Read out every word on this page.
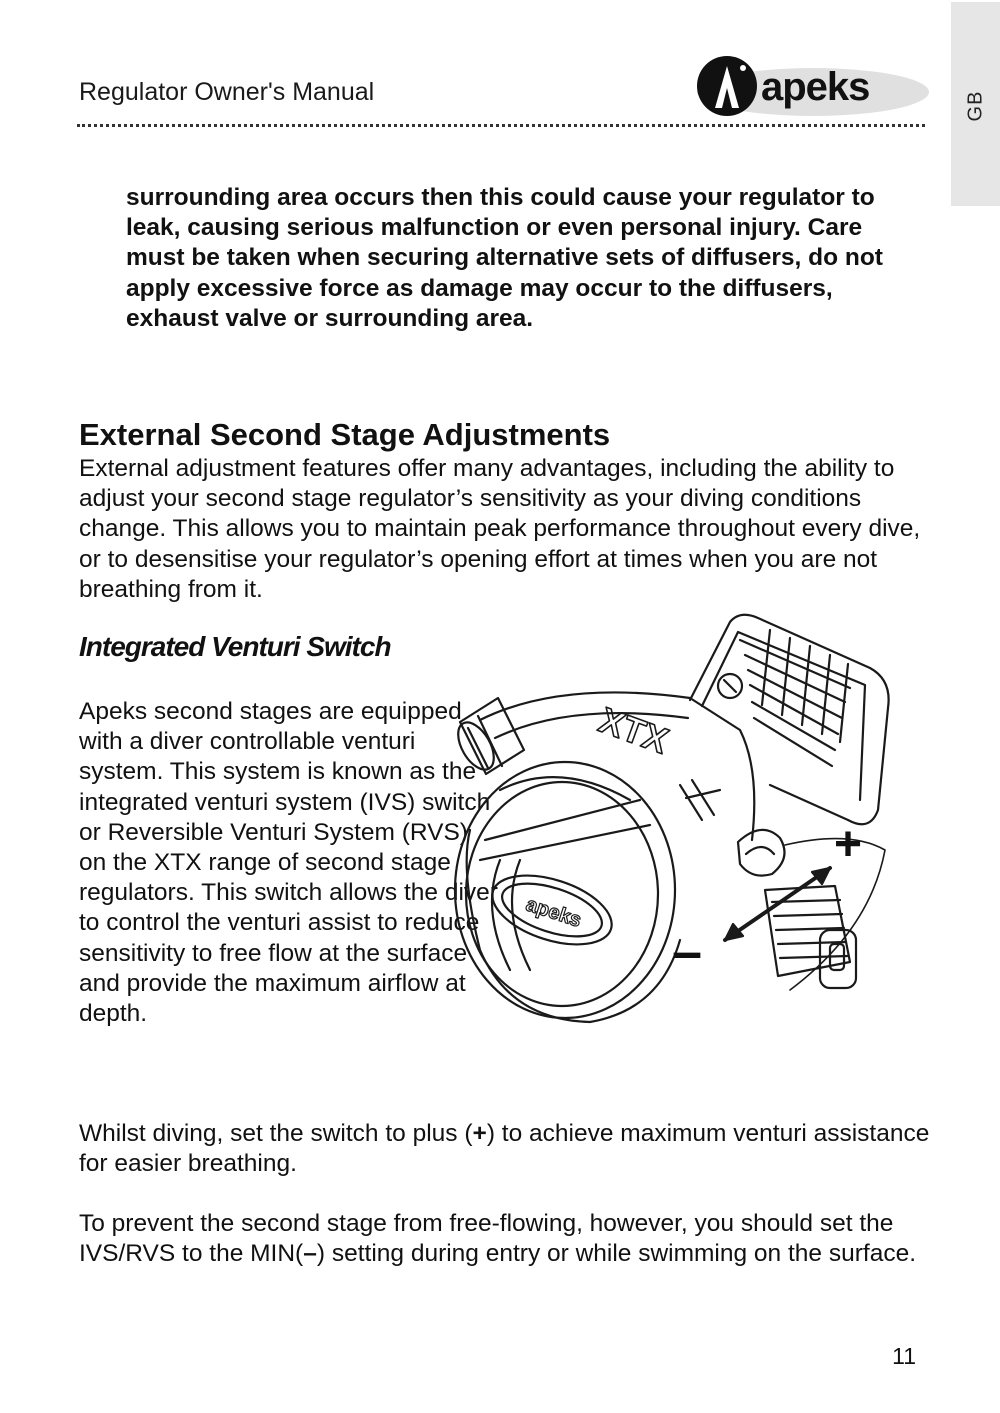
Regulator Owner's Manual	apeks	GB

surrounding area occurs then this could cause your regulator to leak, causing serious malfunction or even personal injury. Care must be taken when securing alternative sets of diffusers, do not apply excessive force as damage may occur to the diffusers, exhaust valve or surrounding area.

External Second Stage Adjustments

External adjustment features offer many advantages, including the ability to adjust your second stage regulator’s sensitivity as your diving conditions change. This allows you to maintain peak performance throughout every dive, or to desensitise your regulator’s opening effort at times when you are not breathing from it.

Integrated Venturi Switch

Apeks second stages are equipped with a diver controllable venturi system. This system is known as the integrated venturi system (IVS) switch or Reversible Venturi System (RVS) on the XTX range of second stage regulators. This switch allows the diver to control the venturi assist to reduce sensitivity to free flow at the surface and provide the maximum airflow at depth.

XTX
apeks
+
–

Whilst diving, set the switch to plus (+) to achieve maximum venturi assistance for easier breathing.

To prevent the second stage from free-flowing, however, you should set the IVS/RVS to the MIN(–) setting during entry or while swimming on the surface.

11
